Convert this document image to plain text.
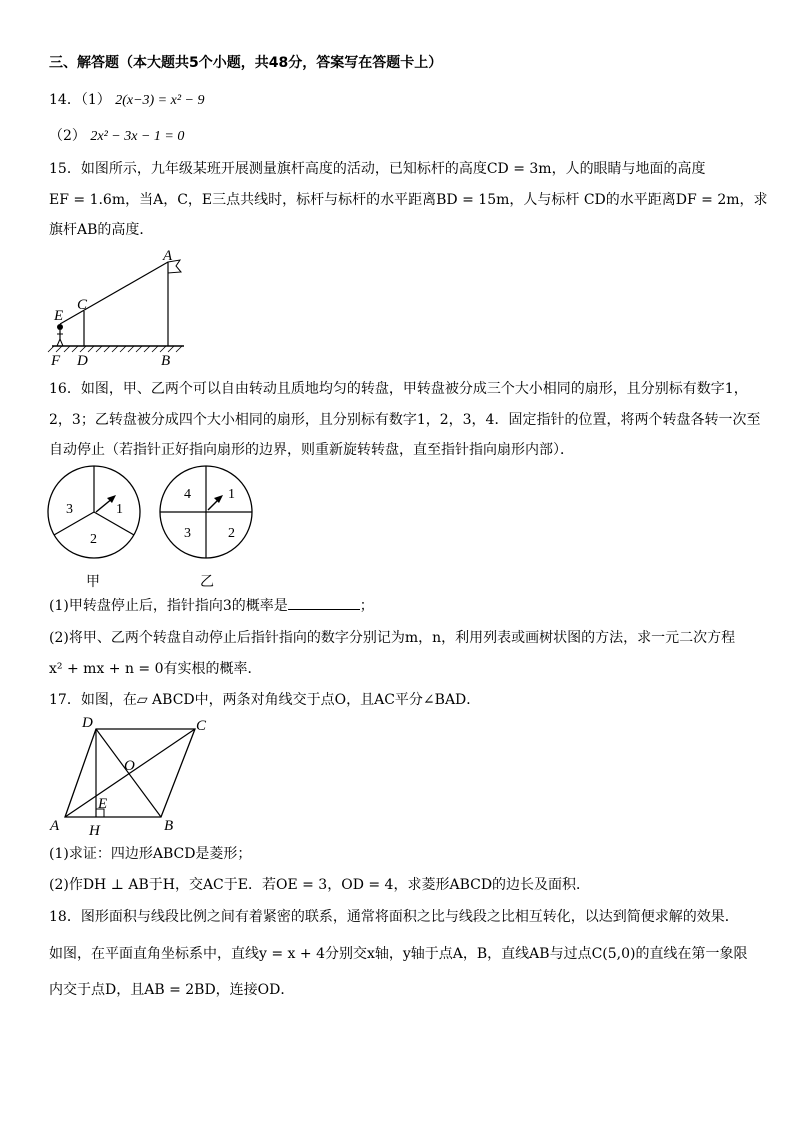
三、解答题（本大题共5个小题，共48分，答案写在答题卡上）
14．（1） 2(x−3) = x² − 9
（2） 2x² − 3x − 1 = 0
15．如图所示，九年级某班开展测量旗杆高度的活动，已知标杆的高度CD = 3m，人的眼睛与地面的高度
EF = 1.6m，当A，C，E三点共线时，标杆与标杆的水平距离BD = 15m，人与标杆 CD的水平距离DF = 2m，求
旗杆AB的高度．
A
C
E
F D	B
16．如图，甲、乙两个可以自由转动且质地均匀的转盘，甲转盘被分成三个大小相同的扇形，且分别标有数字1，
2，3；乙转盘被分成四个大小相同的扇形，且分别标有数字1，2，3，4．固定指针的位置，将两个转盘各转一次至
自动停止（若指针正好指向扇形的边界，则重新旋转转盘，直至指针指向扇形内部）．
1
2
3
甲
1
2
3
4
乙
(1)甲转盘停止后，指针指向3的概率是	；
(2)将甲、乙两个转盘自动停止后指针指向的数字分别记为m，n，利用列表或画树状图的方法，求一元二次方程
x² + mx + n = 0有实根的概率．
17．如图，在▱ ABCD中，两条对角线交于点O，且AC平分∠BAD．
D	C
O
E
A H	B
(1)求证：四边形ABCD是菱形；
(2)作DH ⊥ AB于H，交AC于E．若OE = 3，OD = 4，求菱形ABCD的边长及面积．
18．图形面积与线段比例之间有着紧密的联系，通常将面积之比与线段之比相互转化，以达到简便求解的效果．
如图，在平面直角坐标系中，直线y = x + 4分别交x轴，y轴于点A，B，直线AB与过点C(5,0)的直线在第一象限
内交于点D，且AB = 2BD，连接OD．
